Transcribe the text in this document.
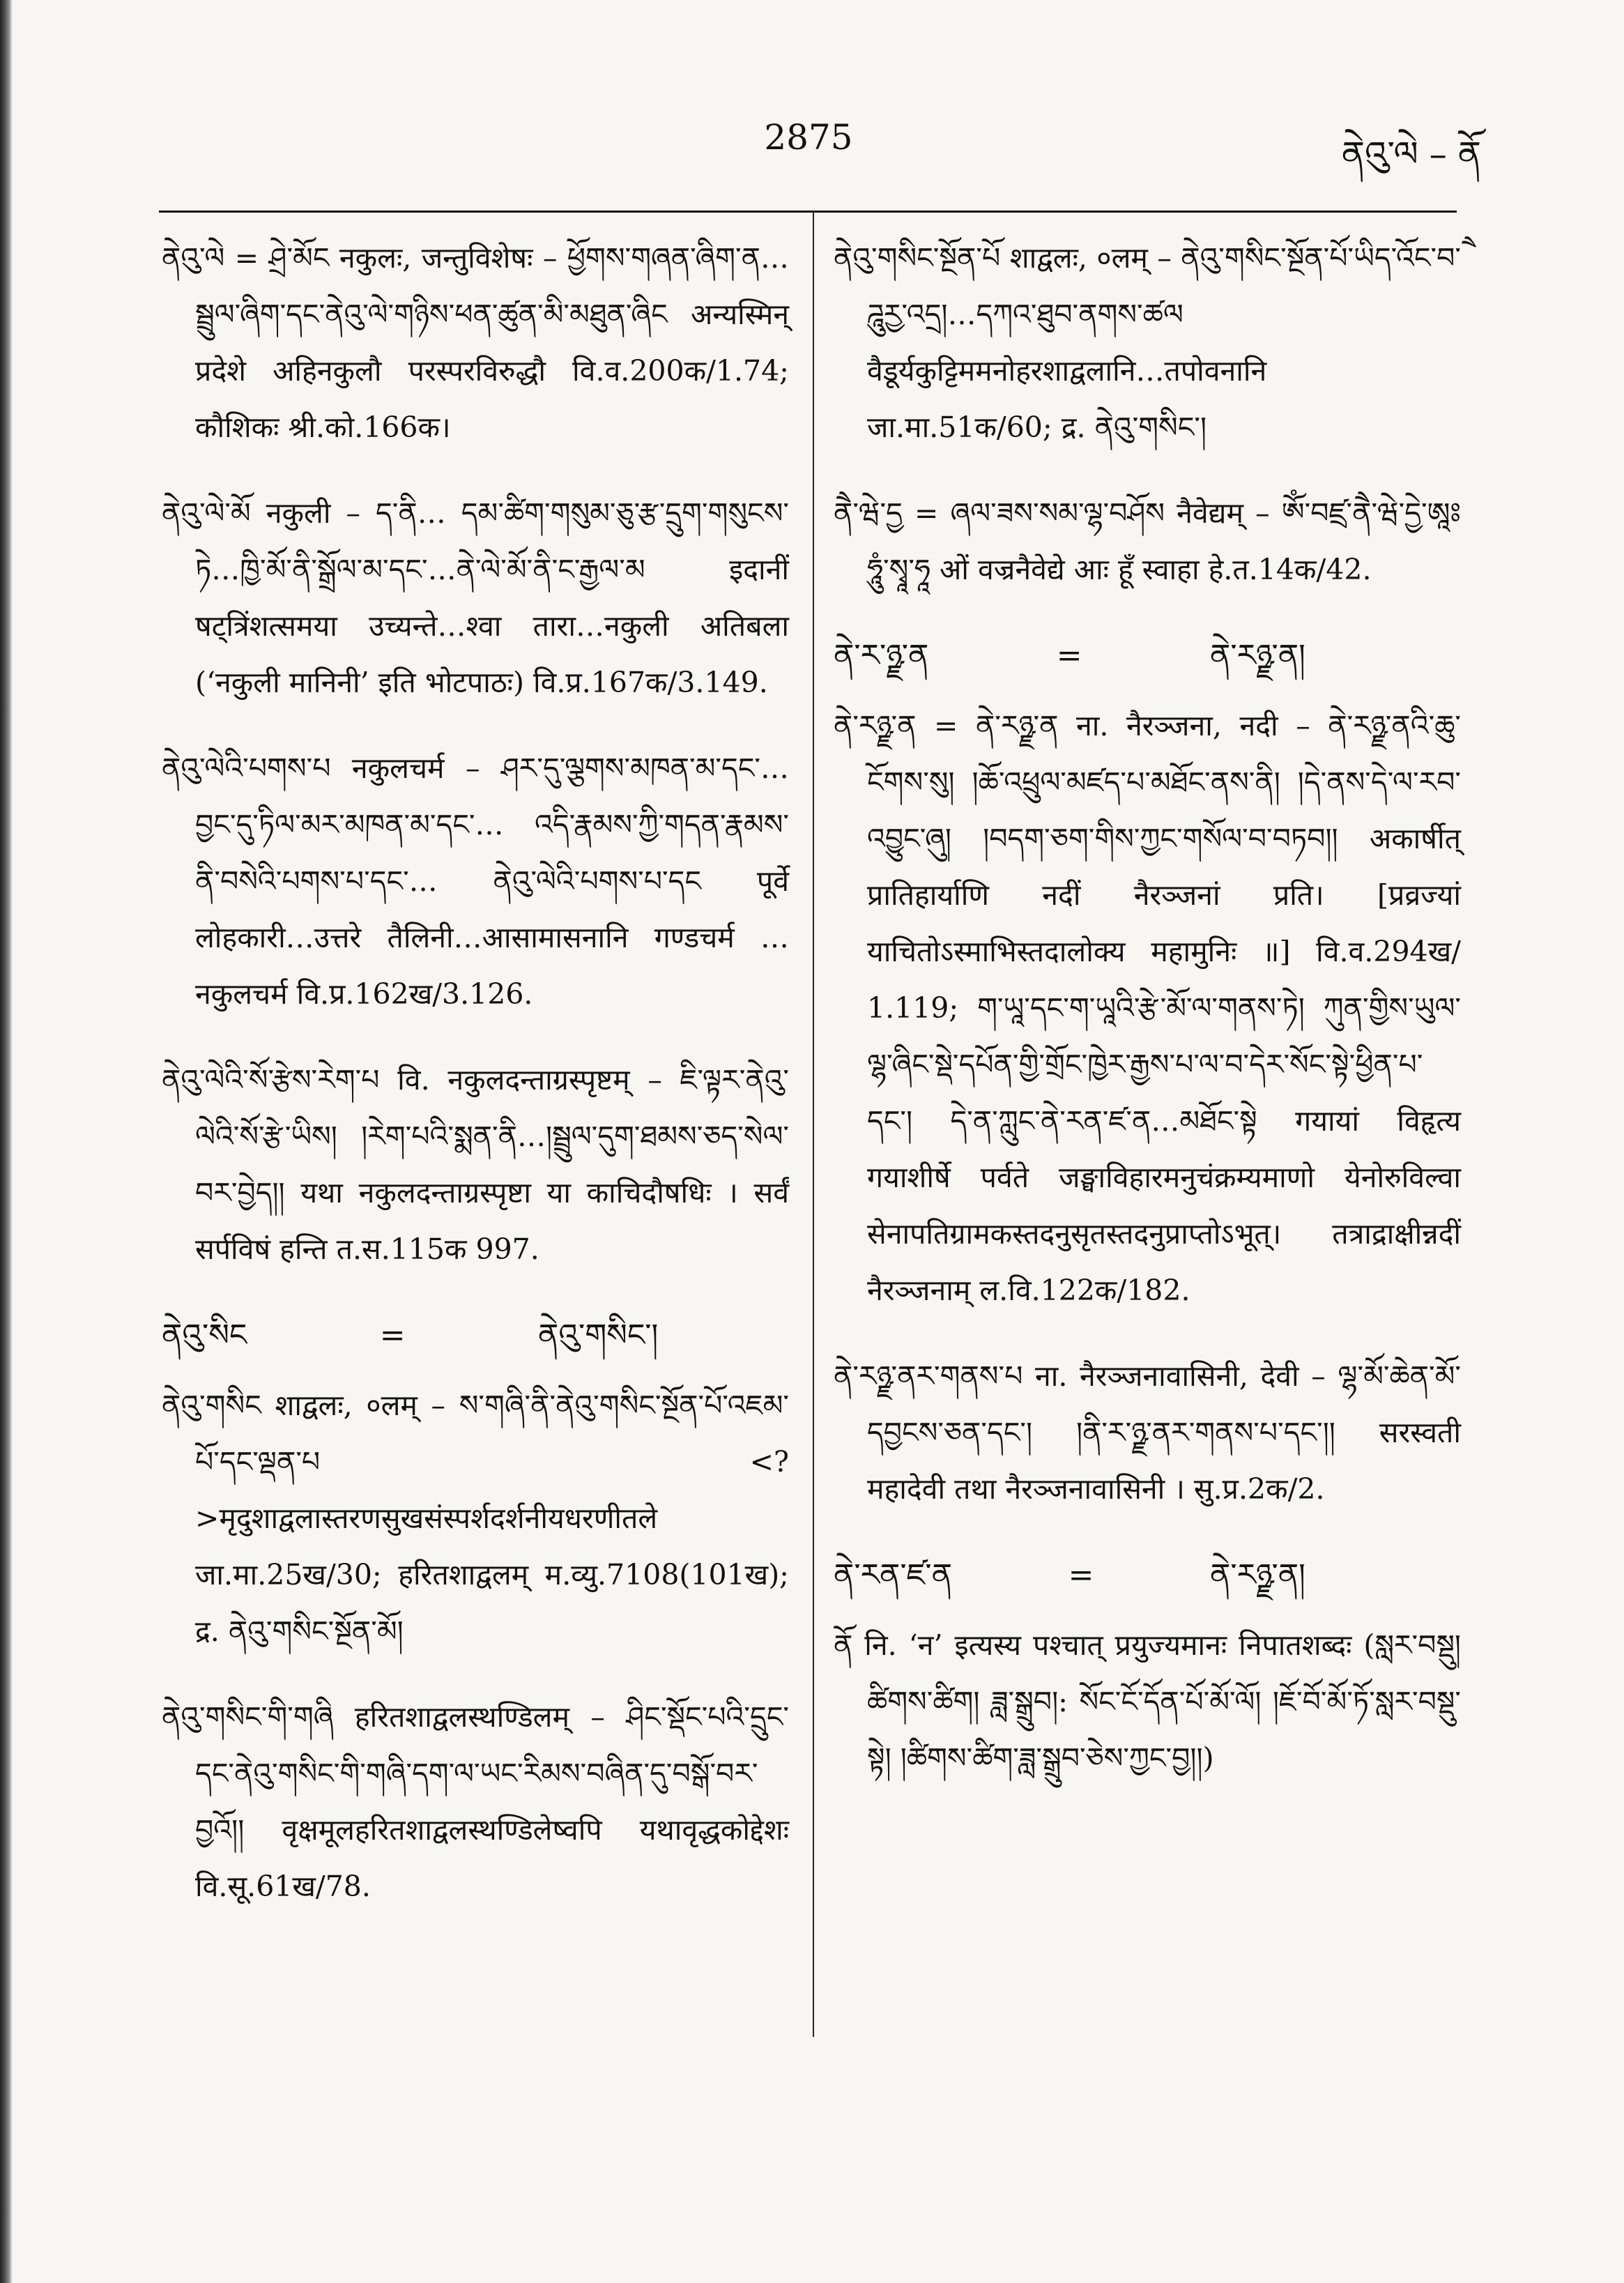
2875	ནེའུ་ལེ – ནོ

ནེའུ་ལེ = ཤྲེ་མོང नकुलः, जन्तुविशेषः – ཕྱོགས་གཞན་ཞིག་ན…སྦྲུལ་ཞིག་དང་ནེའུ་ལེ་གཉིས་ཕན་ཚུན་མི་མཐུན་ཞིང अन्यस्मिन् प्रदेशे अहिनकुलौ परस्परविरुद्धौ वि.व.200क/1.74; कौशिकः श्री.को.166क।

ནེའུ་ལེ་མོ नकुली – ད་ནི… དམ་ཚིག་གསུམ་ཅུ་རྩ་དྲུག་གསུངས་ཏེ…ཁྱི་མོ་ནི་སྒྲོལ་མ་དང་…ནེ་ལེ་མོ་ནི་ང་རྒྱལ་མ इदानीं षट्त्रिंशत्समया उच्यन्ते…श्वा तारा…नकुली अतिबला (‘नकुली मानिनी’ इति भोटपाठः) वि.प्र.167क/3.149.

ནེའུ་ལེའི་པགས་པ नकुलचर्म – ཤར་དུ་ལྕགས་མཁན་མ་དང་… བྱང་དུ་ཏིལ་མར་མཁན་མ་དང་… འདི་རྣམས་ཀྱི་གདན་རྣམས་ནི་བསེའི་པགས་པ་དང་… ནེའུ་ལེའི་པགས་པ་དང पूर्वे लोहकारी…उत्तरे तैलिनी…आसामासनानि गण्डचर्म …नकुलचर्म वि.प्र.162ख/3.126.

ནེའུ་ལེའི་སོ་རྩེས་རེག་པ वि. नकुलदन्ताग्रस्पृष्टम् – ཇི་ལྟར་ནེའུ་ལེའི་སོ་རྩེ་ཡིས། །རེག་པའི་སྨན་ནི…།སྦྲུལ་དུག་ཐམས་ཅད་སེལ་བར་བྱེད།། यथा नकुलदन्ताग्रस्पृष्टा या काचिदौषधिः । सर्वं सर्पविषं हन्ति त.स.115क 997.

ནེའུ་སིང	=	ནེའུ་གསིང་།

ནེའུ་གསིང शाद्वलः, ०लम् – ས་གཞི་ནི་ནེའུ་གསིང་སྔོན་པོ་འཇམ་པོ་དང་ལྡན་པ <?>मृदुशाद्वलास्तरणसुखसंस्पर्शदर्शनीयधरणीतले जा.मा.25ख/30; हरितशाद्वलम् म.व्यु.7108(101ख); द्र. ནེའུ་གསིང་སྔོན་མོ།

ནེའུ་གསིང་གི་གཞི हरितशाद्वलस्थण्डिलम् – ཤིང་སྡོང་པའི་དྲུང་དང་ནེའུ་གསིང་གི་གཞི་དག་ལ་ཡང་རིམས་བཞིན་དུ་བསྒོ་བར་བྱའོ།། वृक्षमूलहरितशाद्वलस्थण्डिलेष्वपि यथावृद्धकोद्देशः वि.सू.61ख/78.

ནེའུ་གསིང་སྔོན་པོ शाद्वलः, ०लम् – ནེའུ་གསིང་སྔོན་པོ་ཡིད་འོང་བ་ཻཌཱུརྱ་འདྲ།…དཀའ་ཐུབ་ནགས་ཚལ वैडूर्यकुट्टिममनोहरशाद्वलानि…तपोवनानि जा.मा.51क/60; द्र. ནེའུ་གསིང་།

ནཻ་ཝེ་དྱ = ཞལ་ཟས་སམ་ལྷ་བཤོས नैवेद्यम् – ཨོཾ་བཛྲ་ནཻ་ཝེ་དྱེ་ཨཱཿཧཱུཾ་སྭཱ་ཧཱ ओं वज्रनैवेद्ये आः हूँ स्वाहा हे.त.14क/42.

ནེ་ར་ཉྫ་ན	=	ནེ་རཉྫ་ན།

ནེ་རཉྫ་ན = ནེ་རཉྫ་ན ना. नैरञ्जना, नदी – ནེ་རཉྫ་ནའི་ཆུ་ངོགས་སུ། །ཆོ་འཕྲུལ་མཛད་པ་མཐོང་ནས་ནི། །དེ་ནས་དེ་ལ་རབ་འབྱུང་ཞུ། །བདག་ཅག་གིས་ཀྱང་གསོལ་བ་བཏབ།། अकार्षीत् प्रातिहार्याणि नदीं नैरञ्जनां प्रति। [प्रव्रज्यां याचितोऽस्माभिस्तदालोक्य महामुनिः ॥] वि.व.294ख/ 1.119; ག་ཡཱ་དང་ག་ཡཱའི་རྩེ་མོ་ལ་གནས་ཏེ། ཀུན་གྱིས་ཡུལ་ལྷ་ཞིང་སྡེ་དཔོན་གྱི་གྲོང་ཁྱེར་རྒྱས་པ་ལ་བ་དེར་སོང་སྟེ་ཕྱིན་པ་དང་། དེ་ན་ཀླུང་ནེ་རན་ཛ་ན…མཐོང་སྟེ गयायां विहृत्य गयाशीर्षे पर्वते जङ्घाविहारमनुचंक्रम्यमाणो येनोरुविल्वा सेनापतिग्रामकस्तदनुसृतस्तदनुप्राप्तोऽभूत्। तत्राद्राक्षीन्नदीं नैरञ्जनाम् ल.वि.122क/182.

ནེ་རཉྫ་ནར་གནས་པ ना. नैरञ्जनावासिनी, देवी – ལྷ་མོ་ཆེན་མོ་དབྱངས་ཅན་དང་། །ནི་ར་ཉྫ་ནར་གནས་པ་དང་།། सरस्वती महादेवी तथा नैरञ्जनावासिनी । सु.प्र.2क/2.

ནེ་རན་ཛ་ན	=	ནེ་རཉྫ་ན།

ནོ नि. ‘न’ इत्यस्य पश्चात् प्रयुज्यमानः निपातशब्दः (སླར་བསྡུ། ཚིགས་ཚིག། ཟླ་སྒྲུབ།: སོང་ངོ་དོན་པོ་མོ་ལོ། །ཇོ་བོ་མོ་ཏོ་སླར་བསྡུ་སྟེ། །ཚིགས་ཚིག་ཟླ་སྒྲུབ་ཅེས་ཀྱང་བྱ།།)
